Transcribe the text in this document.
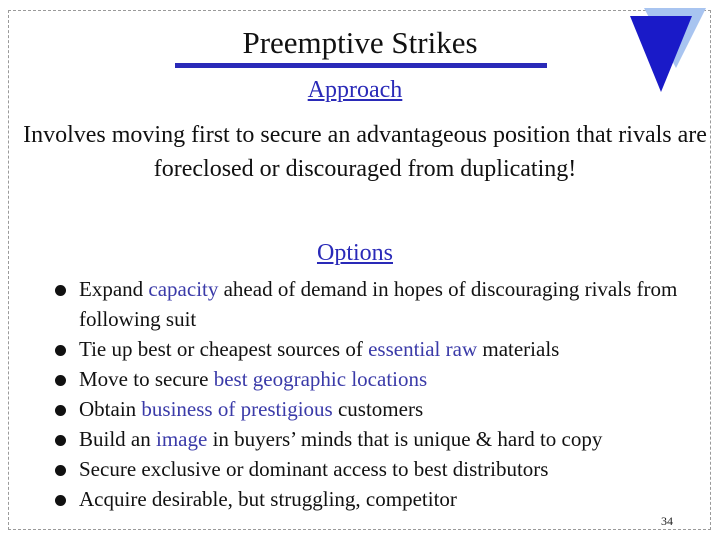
Preemptive Strikes
Approach
Involves moving first to secure an advantageous position that rivals are foreclosed or discouraged from duplicating!
Options
Expand capacity ahead of demand in hopes of discouraging rivals from following suit
Tie up best or cheapest sources of essential raw materials
Move to secure best geographic locations
Obtain business of prestigious customers
Build an image in buyers’ minds that is unique & hard to copy
Secure exclusive or dominant access to best distributors
Acquire desirable, but struggling, competitor
34
